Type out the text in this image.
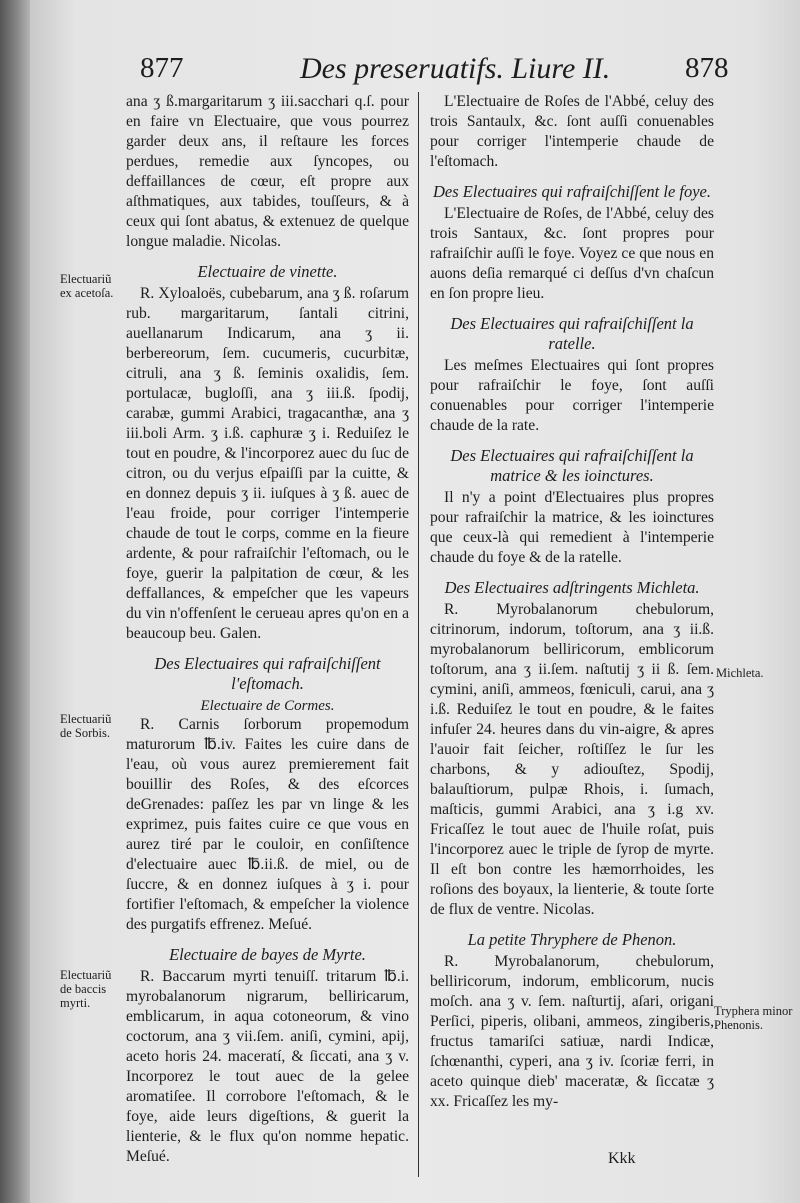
877	Des preseruatifs. Liure II.	878

ana ʒ ß.margaritarum ʒ iii.sacchari q.ſ. pour en faire vn Electuaire, que vous pourrez garder deux ans, il reſtaure les forces perdues, remedie aux ſyncopes, ou deffaillances de cœur, eſt propre aux aſthmatiques, aux tabides, touſſeurs, & à ceux qui ſont abatus, & extenuez de quelque longue maladie. Nicolas.

Electuaire de vinette.

R. Xyloaloës, cubebarum, ana ʒ ß. roſarum rub. margaritarum, ſantali citrini, auellanarum Indicarum, ana ʒ ii. berbereorum, ſem. cucumeris, cucurbitæ, citruli, ana ʒ ß. ſeminis oxalidis, ſem. portulacæ, bugloſſi, ana ʒ iii.ß. ſpodij, carabæ, gummi Arabici, tragacanthæ, ana ʒ iii.boli Arm. ʒ i.ß. caphuræ ʒ i. Reduiſez le tout en poudre, & l'incorporez auec du ſuc de citron, ou du verjus eſpaiſſi par la cuitte, & en donnez depuis ʒ ii. iuſques à ʒ ß. auec de l'eau froide, pour corriger l'intemperie chaude de tout le corps, comme en la fieure ardente, & pour rafraiſchir l'eſtomach, ou le foye, guerir la palpitation de cœur, & les deffallances, & empeſcher que les vapeurs du vin n'offenſent le cerueau apres qu'on en a beaucoup beu. Galen.

Des Electuaires qui rafraiſchiſſent l'eſtomach.
Electuaire de Cormes.

R. Carnis ſorborum propemodum maturorum ℔.iv. Faites les cuire dans de l'eau, où vous aurez premierement fait bouillir des Roſes, & des eſcorces deGrenades: paſſez les par vn linge & les exprimez, puis faites cuire ce que vous en aurez tiré par le couloir, en conſiſtence d'electuaire auec ℔.ii.ß. de miel, ou de ſuccre, & en donnez iuſques à ʒ i. pour fortifier l'eſtomach, & empeſcher la violence des purgatifs effrenez. Meſué.

Electuaire de bayes de Myrte.

R. Baccarum myrti tenuiſſ. tritarum ℔.i. myrobalanorum nigrarum, belliricarum, emblicarum, in aqua cotoneorum, & vino coctorum, ana ʒ vii.ſem. aniſi, cymini, apij, aceto horis 24. maceratí, & ſiccati, ana ʒ v. Incorporez le tout auec de la gelee aromatiſee. Il corrobore l'eſtomach, & le foye, aide leurs digeſtions, & guerit la lienterie, & le flux qu'on nomme hepatic. Meſué.

L'Electuaire de Roſes de l'Abbé, celuy des trois Santaulx, &c. ſont auſſi conuenables pour corriger l'intemperie chaude de l'eſtomach.

Des Electuaires qui rafraiſchiſſent le foye.

L'Electuaire de Roſes, de l'Abbé, celuy des trois Santaux, &c. ſont propres pour rafraiſchir auſſi le foye. Voyez ce que nous en auons deſia remarqué ci deſſus d'vn chaſcun en ſon propre lieu.

Des Electuaires qui rafraiſchiſſent la ratelle.

Les meſmes Electuaires qui ſont propres pour rafraiſchir le foye, ſont auſſi conuenables pour corriger l'intemperie chaude de la rate.

Des Electuaires qui rafraiſchiſſent la matrice & les ioinctures.

Il n'y a point d'Electuaires plus propres pour rafraiſchir la matrice, & les ioinctures que ceux-là qui remedient à l'intemperie chaude du foye & de la ratelle.

Des Electuaires adſtringents Michleta.

R. Myrobalanorum chebulorum, citrinorum, indorum, toſtorum, ana ʒ ii.ß. myrobalanorum belliricorum, emblicorum toſtorum, ana ʒ ii.ſem. naſtutij ʒ ii ß. ſem. cymini, aniſi, ammeos, fœniculi, carui, ana ʒ i.ß. Reduiſez le tout en poudre, & le faites infuſer 24. heures dans du vin-aigre, & apres l'auoir fait ſeicher, roſtiſſez le ſur les charbons, & y adiouſtez, Spodij, balauſtiorum, pulpæ Rhois, i. ſumach, maſticis, gummi Arabici, ana ʒ i.g xv. Fricaſſez le tout auec de l'huile roſat, puis l'incorporez auec le triple de ſyrop de myrte. Il eſt bon contre les hæmorrhoides, les roſions des boyaux, la lienterie, & toute ſorte de flux de ventre. Nicolas.

La petite Thryphere de Phenon.

R. Myrobalanorum, chebulorum, belliricorum, indorum, emblicorum, nucis moſch. ana ʒ v. ſem. naſturtij, aſari, origani Perſici, piperis, olibani, ammeos, zingiberis, fructus tamariſci satiuæ, nardi Indicæ, ſchœnanthi, cyperi, ana ʒ iv. ſcoriæ ferri, in aceto quinque dieb' maceratæ, & ſiccatæ ʒ xx. Fricaſſez les my-

Electuariũ ex acetoſa.
Electuariũ de Sorbis.
Electuariũ de baccis myrti.
Michleta.
Tryphera minor Phenonis.
Kkk
